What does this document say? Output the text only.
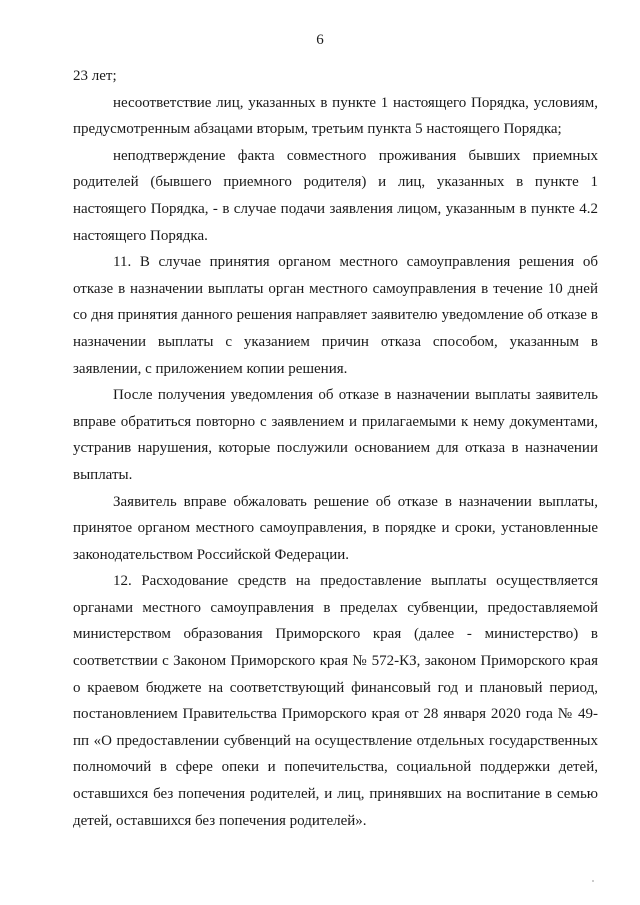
6

23 лет;

несоответствие лиц, указанных в пункте 1 настоящего Порядка, условиям, предусмотренным абзацами вторым, третьим пункта 5 настоящего Порядка;

неподтверждение факта совместного проживания бывших приемных родителей (бывшего приемного родителя) и лиц, указанных в пункте 1 настоящего Порядка, - в случае подачи заявления лицом, указанным в пункте 4.2 настоящего Порядка.

11. В случае принятия органом местного самоуправления решения об отказе в назначении выплаты орган местного самоуправления в течение 10 дней со дня принятия данного решения направляет заявителю уведомление об отказе в назначении выплаты с указанием причин отказа способом, указанным в заявлении, с приложением копии решения.

После получения уведомления об отказе в назначении выплаты заявитель вправе обратиться повторно с заявлением и прилагаемыми к нему документами, устранив нарушения, которые послужили основанием для отказа в назначении выплаты.

Заявитель вправе обжаловать решение об отказе в назначении выплаты, принятое органом местного самоуправления, в порядке и сроки, установленные законодательством Российской Федерации.

12. Расходование средств на предоставление выплаты осуществляется органами местного самоуправления в пределах субвенции, предоставляемой министерством образования Приморского края (далее - министерство) в соответствии с Законом Приморского края № 572-КЗ, законом Приморского края о краевом бюджете на соответствующий финансовый год и плановый период, постановлением Правительства Приморского края от 28 января 2020 года № 49-пп «О предоставлении субвенций на осуществление отдельных государственных полномочий в сфере опеки и попечительства, социальной поддержки детей, оставшихся без попечения родителей, и лиц, принявших на воспитание в семью детей, оставшихся без попечения родителей».
